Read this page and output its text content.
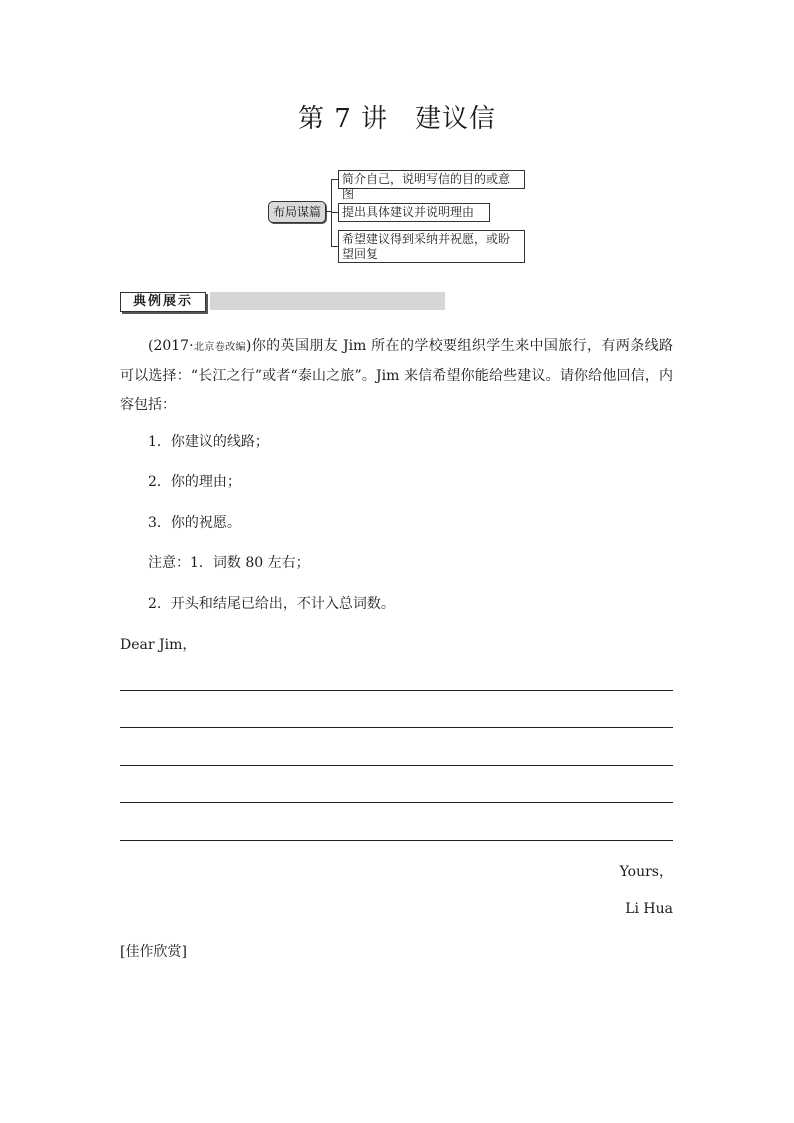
第 7 讲　建议信
布局谋篇
简介自己，说明写信的目的或意图
提出具体建议并说明理由
希望建议得到采纳并祝愿，或盼望回复
典例展示
(2017·北京卷改编)你的英国朋友 Jim 所在的学校要组织学生来中国旅行，有两条线路可以选择：“长江之行”或者“泰山之旅”。Jim 来信希望你能给些建议。请你给他回信，内容包括：
1．你建议的线路；
2．你的理由；
3．你的祝愿。
注意：1．词数 80 左右；
2．开头和结尾已给出，不计入总词数。
Dear Jim，
Yours，
Li Hua
[佳作欣赏]
